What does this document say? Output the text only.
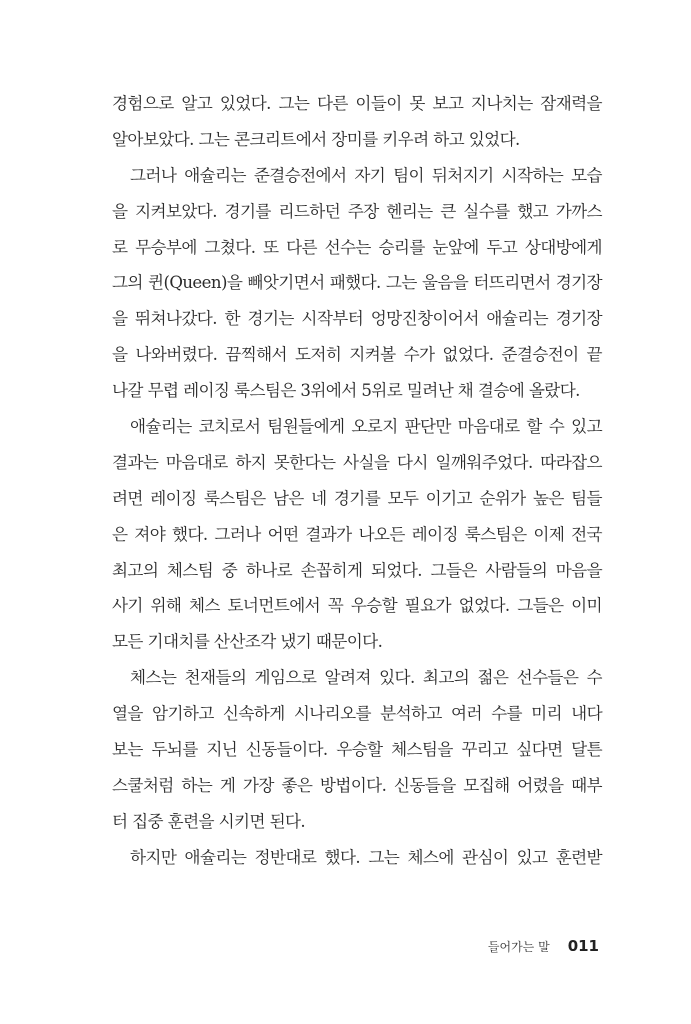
경험으로 알고 있었다. 그는 다른 이들이 못 보고 지나치는 잠재력을
알아보았다. 그는 콘크리트에서 장미를 키우려 하고 있었다.
그러나 애슐리는 준결승전에서 자기 팀이 뒤처지기 시작하는 모습
을 지켜보았다. 경기를 리드하던 주장 헨리는 큰 실수를 했고 가까스
로 무승부에 그쳤다. 또 다른 선수는 승리를 눈앞에 두고 상대방에게
그의 퀸(Queen)을 빼앗기면서 패했다. 그는 울음을 터뜨리면서 경기장
을 뛰쳐나갔다. 한 경기는 시작부터 엉망진창이어서 애슐리는 경기장
을 나와버렸다. 끔찍해서 도저히 지켜볼 수가 없었다. 준결승전이 끝
나갈 무렵 레이징 룩스팀은 3위에서 5위로 밀려난 채 결승에 올랐다.
애슐리는 코치로서 팀원들에게 오로지 판단만 마음대로 할 수 있고
결과는 마음대로 하지 못한다는 사실을 다시 일깨워주었다. 따라잡으
려면 레이징 룩스팀은 남은 네 경기를 모두 이기고 순위가 높은 팀들
은 져야 했다. 그러나 어떤 결과가 나오든 레이징 룩스팀은 이제 전국
최고의 체스팀 중 하나로 손꼽히게 되었다. 그들은 사람들의 마음을
사기 위해 체스 토너먼트에서 꼭 우승할 필요가 없었다. 그들은 이미
모든 기대치를 산산조각 냈기 때문이다.
체스는 천재들의 게임으로 알려져 있다. 최고의 젊은 선수들은 수
열을 암기하고 신속하게 시나리오를 분석하고 여러 수를 미리 내다
보는 두뇌를 지닌 신동들이다. 우승할 체스팀을 꾸리고 싶다면 달튼
스쿨처럼 하는 게 가장 좋은 방법이다. 신동들을 모집해 어렸을 때부
터 집중 훈련을 시키면 된다.
하지만 애슐리는 정반대로 했다. 그는 체스에 관심이 있고 훈련받
들어가는 말 011
